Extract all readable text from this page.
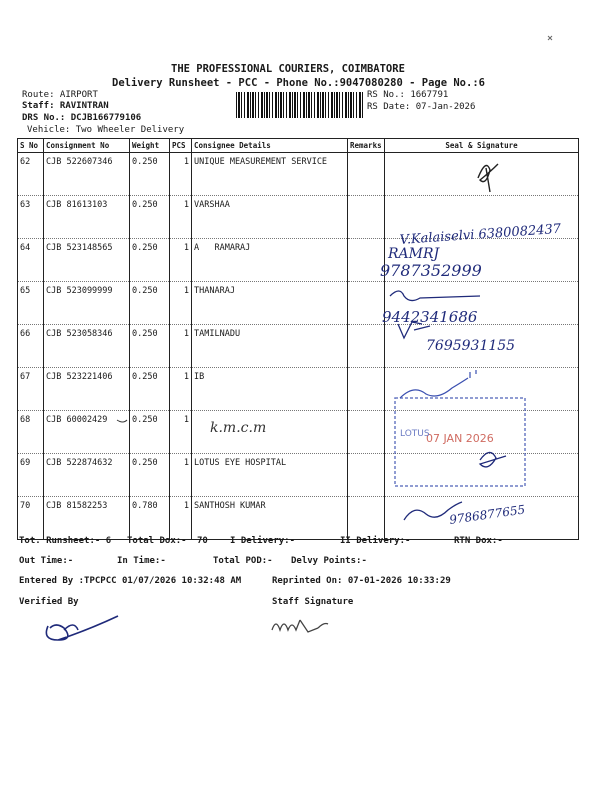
THE PROFESSIONAL COURIERS, COIMBATORE
Delivery Runsheet - PCC - Phone No.:9047080280 - Page No.:6
Route: AIRPORT
Staff: RAVINTRAN
DRS No.: DCJB166779106
Vehicle: Two Wheeler Delivery
RS No.: 1667791
RS Date: 07-Jan-2026
S No	Consignment No	Weight	PCS	Consignee Details	Remarks	Seal & Signature
62	CJB 522607346	0.250	1	UNIQUE MEASUREMENT SERVICE		
63	CJB 81613103	0.250	1	VARSHAA		
64	CJB 523148565	0.250	1	A   RAMARAJ		
65	CJB 523099999	0.250	1	THANARAJ		
66	CJB 523058346	0.250	1	TAMILNADU		
67	CJB 523221406	0.250	1	IB		
68	CJB 60002429	0.250	1			
69	CJB 522874632	0.250	1	LOTUS EYE HOSPITAL		
70	CJB 81582253	0.780	1	SANTHOSH KUMAR		
Tot. Runsheet:- 6 Total Dox:- 70 I Delivery:-	II Delivery:-	RTN Dox:-
Out Time:-	In Time:-	Total POD:- Delvy Points:-
Entered By :TPCPCC 01/07/2026 10:32:48 AM	Reprinted On: 07-01-2026 10:33:29
Verified By	Staff Signature
V.Kalaiselvi 6380082437
RAMRJ
9787352999
9442341686
7695931155
k.m.c.m
07 JAN 2026
LOTUS
9786877655
